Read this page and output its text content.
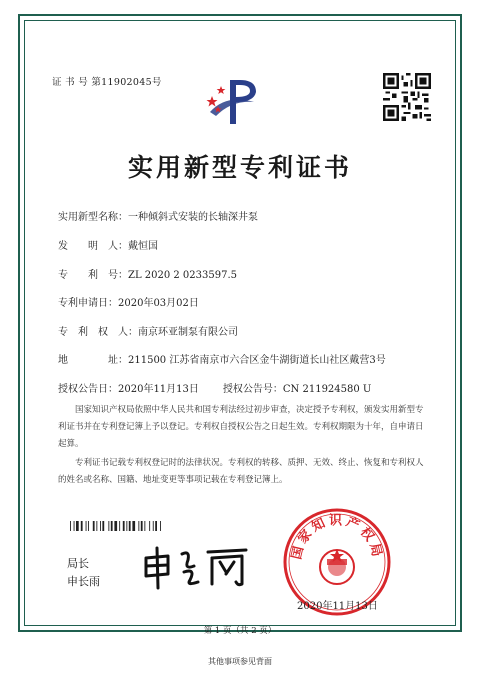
证 书 号 第11902045号
实用新型专利证书
实用新型名称：一种倾斜式安装的长轴深井泵
发　　明　人：戴恒国
专　　利　号：ZL 2020 2 0233597.5
专利申请日：2020年03月02日
专　利　权　人：南京环亚制泵有限公司
地　　　　址：211500 江苏省南京市六合区金牛湖街道长山社区戴营3号
授权公告日：2020年11月13日 授权公告号：CN 211924580 U
国家知识产权局依照中华人民共和国专利法经过初步审查，决定授予专利权，颁发实用新型专利证书并在专利登记簿上予以登记。专利权自授权公告之日起生效。专利权期限为十年，自申请日起算。
专利证书记载专利权登记时的法律状况。专利权的转移、质押、无效、终止、恢复和专利权人的姓名或名称、国籍、地址变更等事项记载在专利登记簿上。
局长
申长雨
国家知识产权局
2020年11月13日
第 1 页（共 2 页）
其他事项参见背面
